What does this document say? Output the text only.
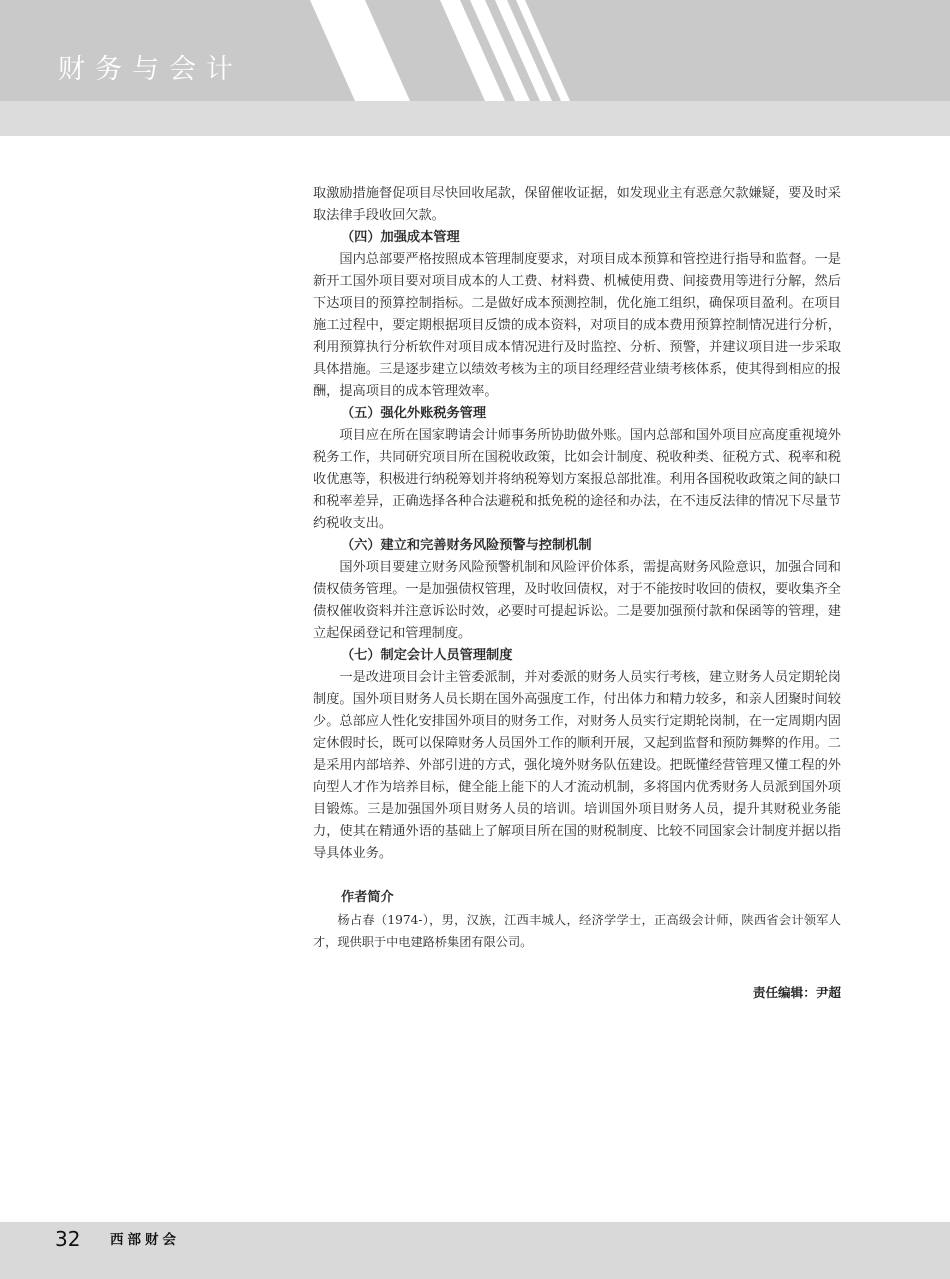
财务与会计

取激励措施督促项目尽快回收尾款，保留催收证据，如发现业主有恶意欠款嫌疑，要及时采取法律手段收回欠款。

（四）加强成本管理

国内总部要严格按照成本管理制度要求，对项目成本预算和管控进行指导和监督。一是新开工国外项目要对项目成本的人工费、材料费、机械使用费、间接费用等进行分解，然后下达项目的预算控制指标。二是做好成本预测控制，优化施工组织，确保项目盈利。在项目施工过程中，要定期根据项目反馈的成本资料，对项目的成本费用预算控制情况进行分析，利用预算执行分析软件对项目成本情况进行及时监控、分析、预警，并建议项目进一步采取具体措施。三是逐步建立以绩效考核为主的项目经理经营业绩考核体系，使其得到相应的报酬，提高项目的成本管理效率。

（五）强化外账税务管理

项目应在所在国家聘请会计师事务所协助做外账。国内总部和国外项目应高度重视境外税务工作，共同研究项目所在国税收政策，比如会计制度、税收种类、征税方式、税率和税收优惠等，积极进行纳税筹划并将纳税筹划方案报总部批准。利用各国税收政策之间的缺口和税率差异，正确选择各种合法避税和抵免税的途径和办法，在不违反法律的情况下尽量节约税收支出。

（六）建立和完善财务风险预警与控制机制

国外项目要建立财务风险预警机制和风险评价体系，需提高财务风险意识，加强合同和债权债务管理。一是加强债权管理，及时收回债权，对于不能按时收回的债权，要收集齐全债权催收资料并注意诉讼时效，必要时可提起诉讼。二是要加强预付款和保函等的管理，建立起保函登记和管理制度。

（七）制定会计人员管理制度

一是改进项目会计主管委派制，并对委派的财务人员实行考核，建立财务人员定期轮岗制度。国外项目财务人员长期在国外高强度工作，付出体力和精力较多，和亲人团聚时间较少。总部应人性化安排国外项目的财务工作，对财务人员实行定期轮岗制，在一定周期内固定休假时长，既可以保障财务人员国外工作的顺利开展，又起到监督和预防舞弊的作用。二是采用内部培养、外部引进的方式，强化境外财务队伍建设。把既懂经营管理又懂工程的外向型人才作为培养目标，健全能上能下的人才流动机制，多将国内优秀财务人员派到国外项目锻炼。三是加强国外项目财务人员的培训。培训国外项目财务人员，提升其财税业务能力，使其在精通外语的基础上了解项目所在国的财税制度、比较不同国家会计制度并据以指导具体业务。

作者简介

杨占春（1974-），男，汉族，江西丰城人，经济学学士，正高级会计师，陕西省会计领军人才，现供职于中电建路桥集团有限公司。

责任编辑：尹超
32 西部财会
